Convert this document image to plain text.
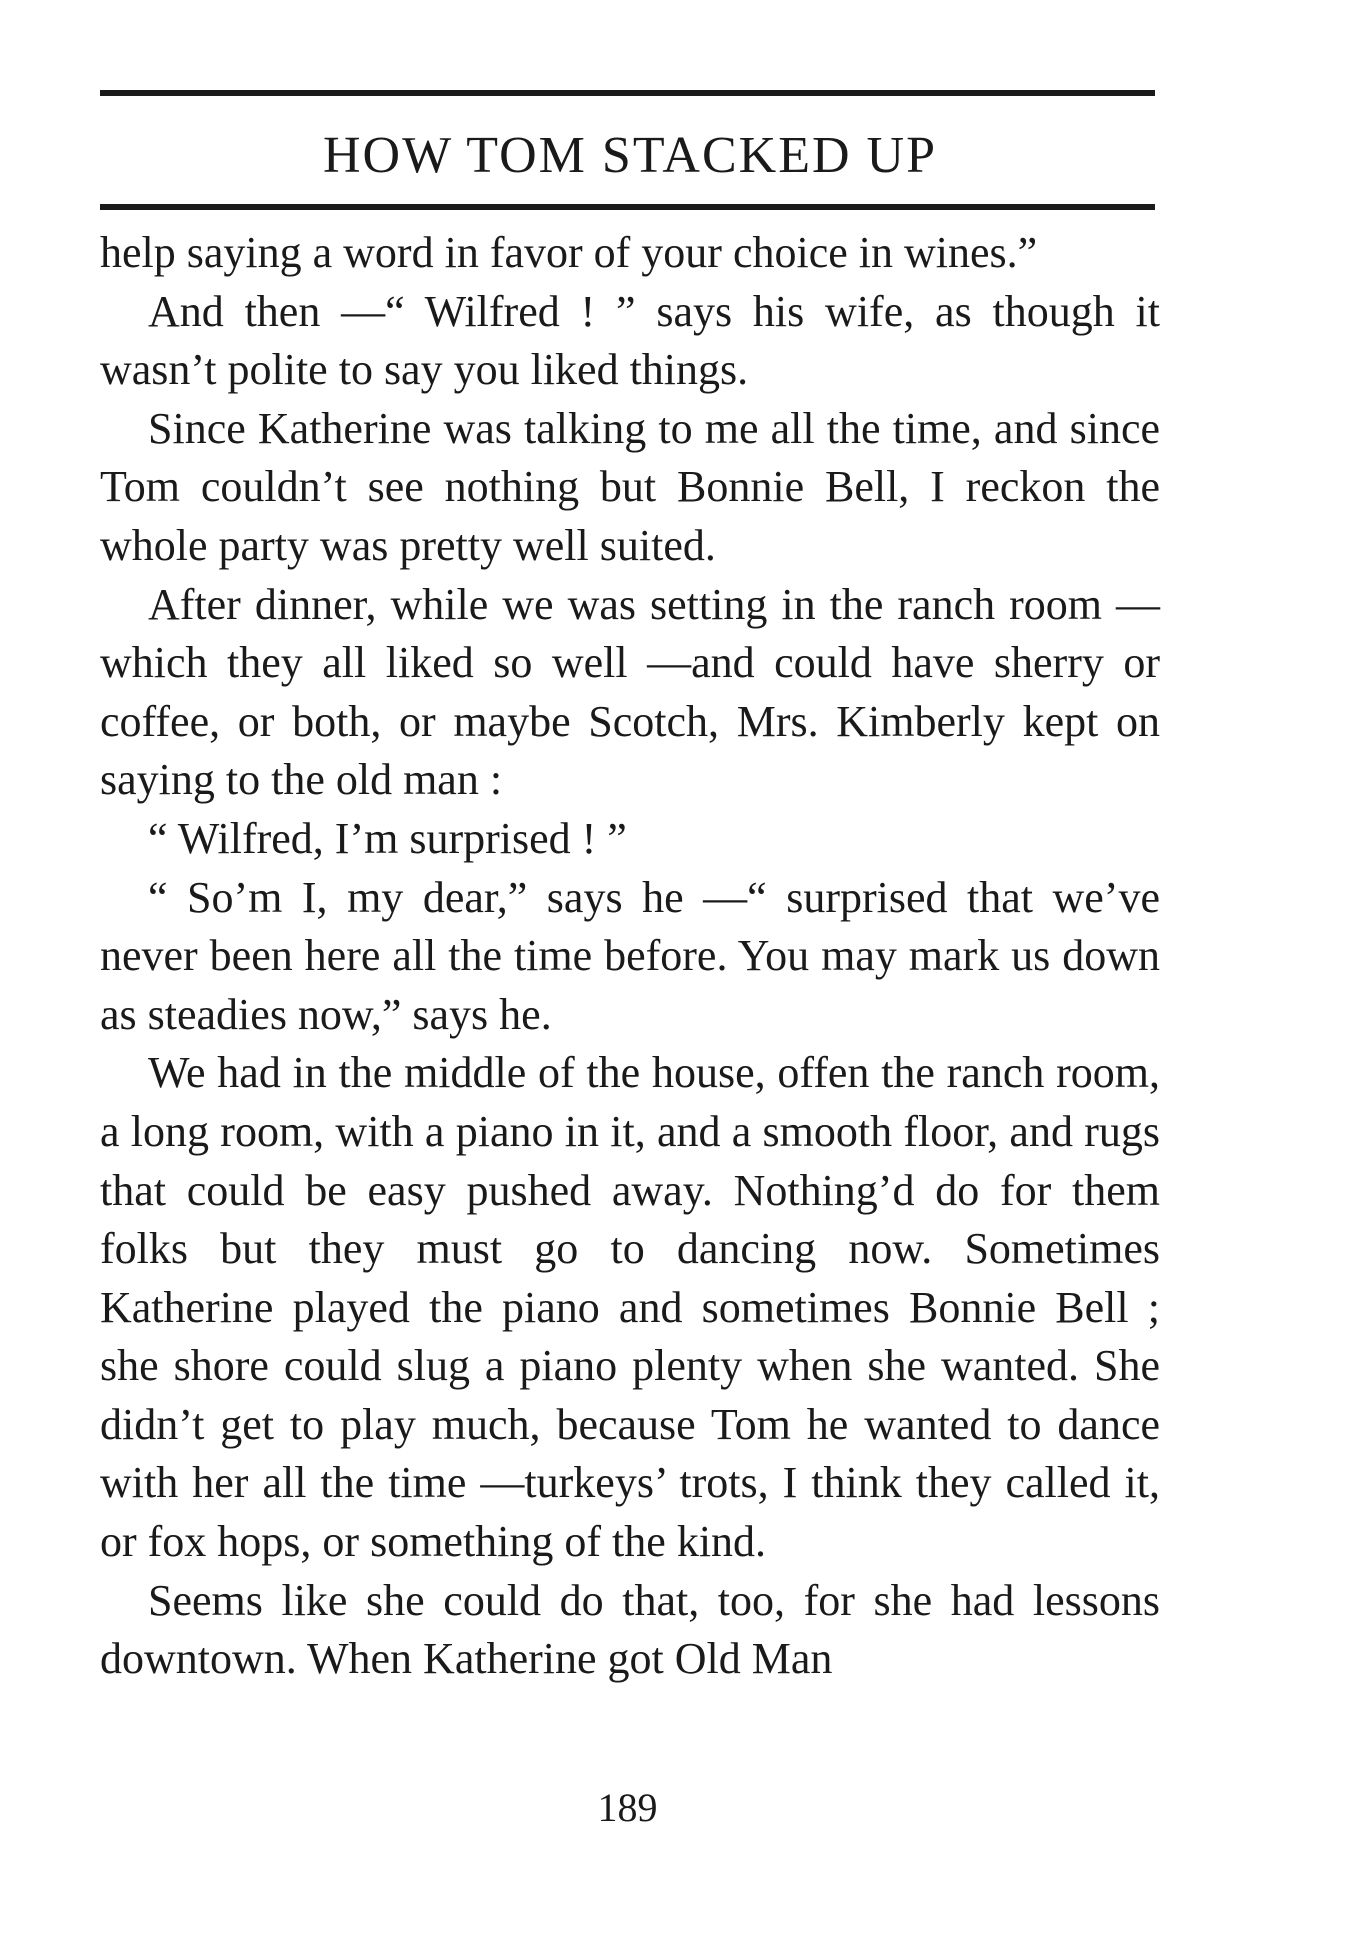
HOW TOM STACKED UP

help saying a word in favor of your choice in wines.”

And then —“ Wilfred ! ” says his wife, as though it wasn’t polite to say you liked things.

Since Katherine was talking to me all the time, and since Tom couldn’t see nothing but Bonnie Bell, I reckon the whole party was pretty well suited.

After dinner, while we was setting in the ranch room — which they all liked so well —and could have sherry or coffee, or both, or maybe Scotch, Mrs. Kimberly kept on saying to the old man :

“ Wilfred, I’m surprised ! ”

“ So’m I, my dear,” says he —“ surprised that we’ve never been here all the time before. You may mark us down as steadies now,” says he.

We had in the middle of the house, offen the ranch room, a long room, with a piano in it, and a smooth floor, and rugs that could be easy pushed away. Nothing’d do for them folks but they must go to dancing now. Sometimes Katherine played the piano and sometimes Bonnie Bell ; she shore could slug a piano plenty when she wanted. She didn’t get to play much, because Tom he wanted to dance with her all the time —turkeys’ trots, I think they called it, or fox hops, or something of the kind.

Seems like she could do that, too, for she had lessons downtown. When Katherine got Old Man

189
